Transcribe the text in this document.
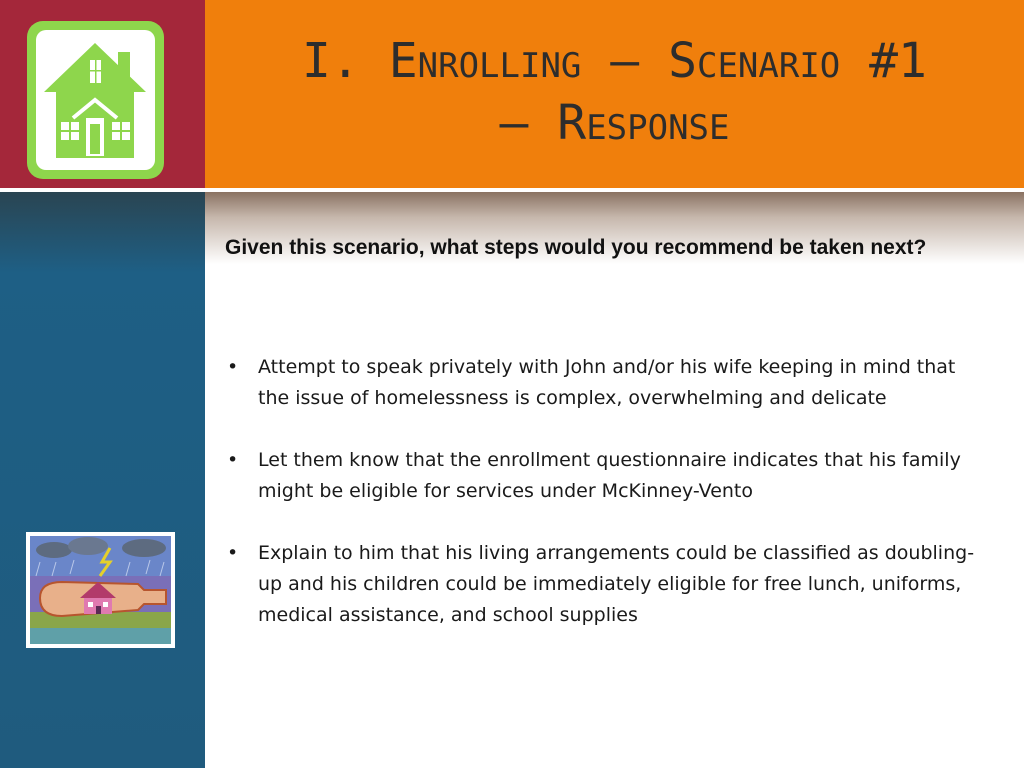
I. Enrolling – Scenario #1
– Response

Given this scenario, what steps would you recommend be taken next?

• Attempt to speak privately with John and/or his wife keeping in mind that the issue of homelessness is complex, overwhelming and delicate
• Let them know that the enrollment questionnaire indicates that his family might be eligible for services under McKinney-Vento
• Explain to him that his living arrangements could be classified as doubling-up and his children could be immediately eligible for free lunch, uniforms, medical assistance, and school supplies
